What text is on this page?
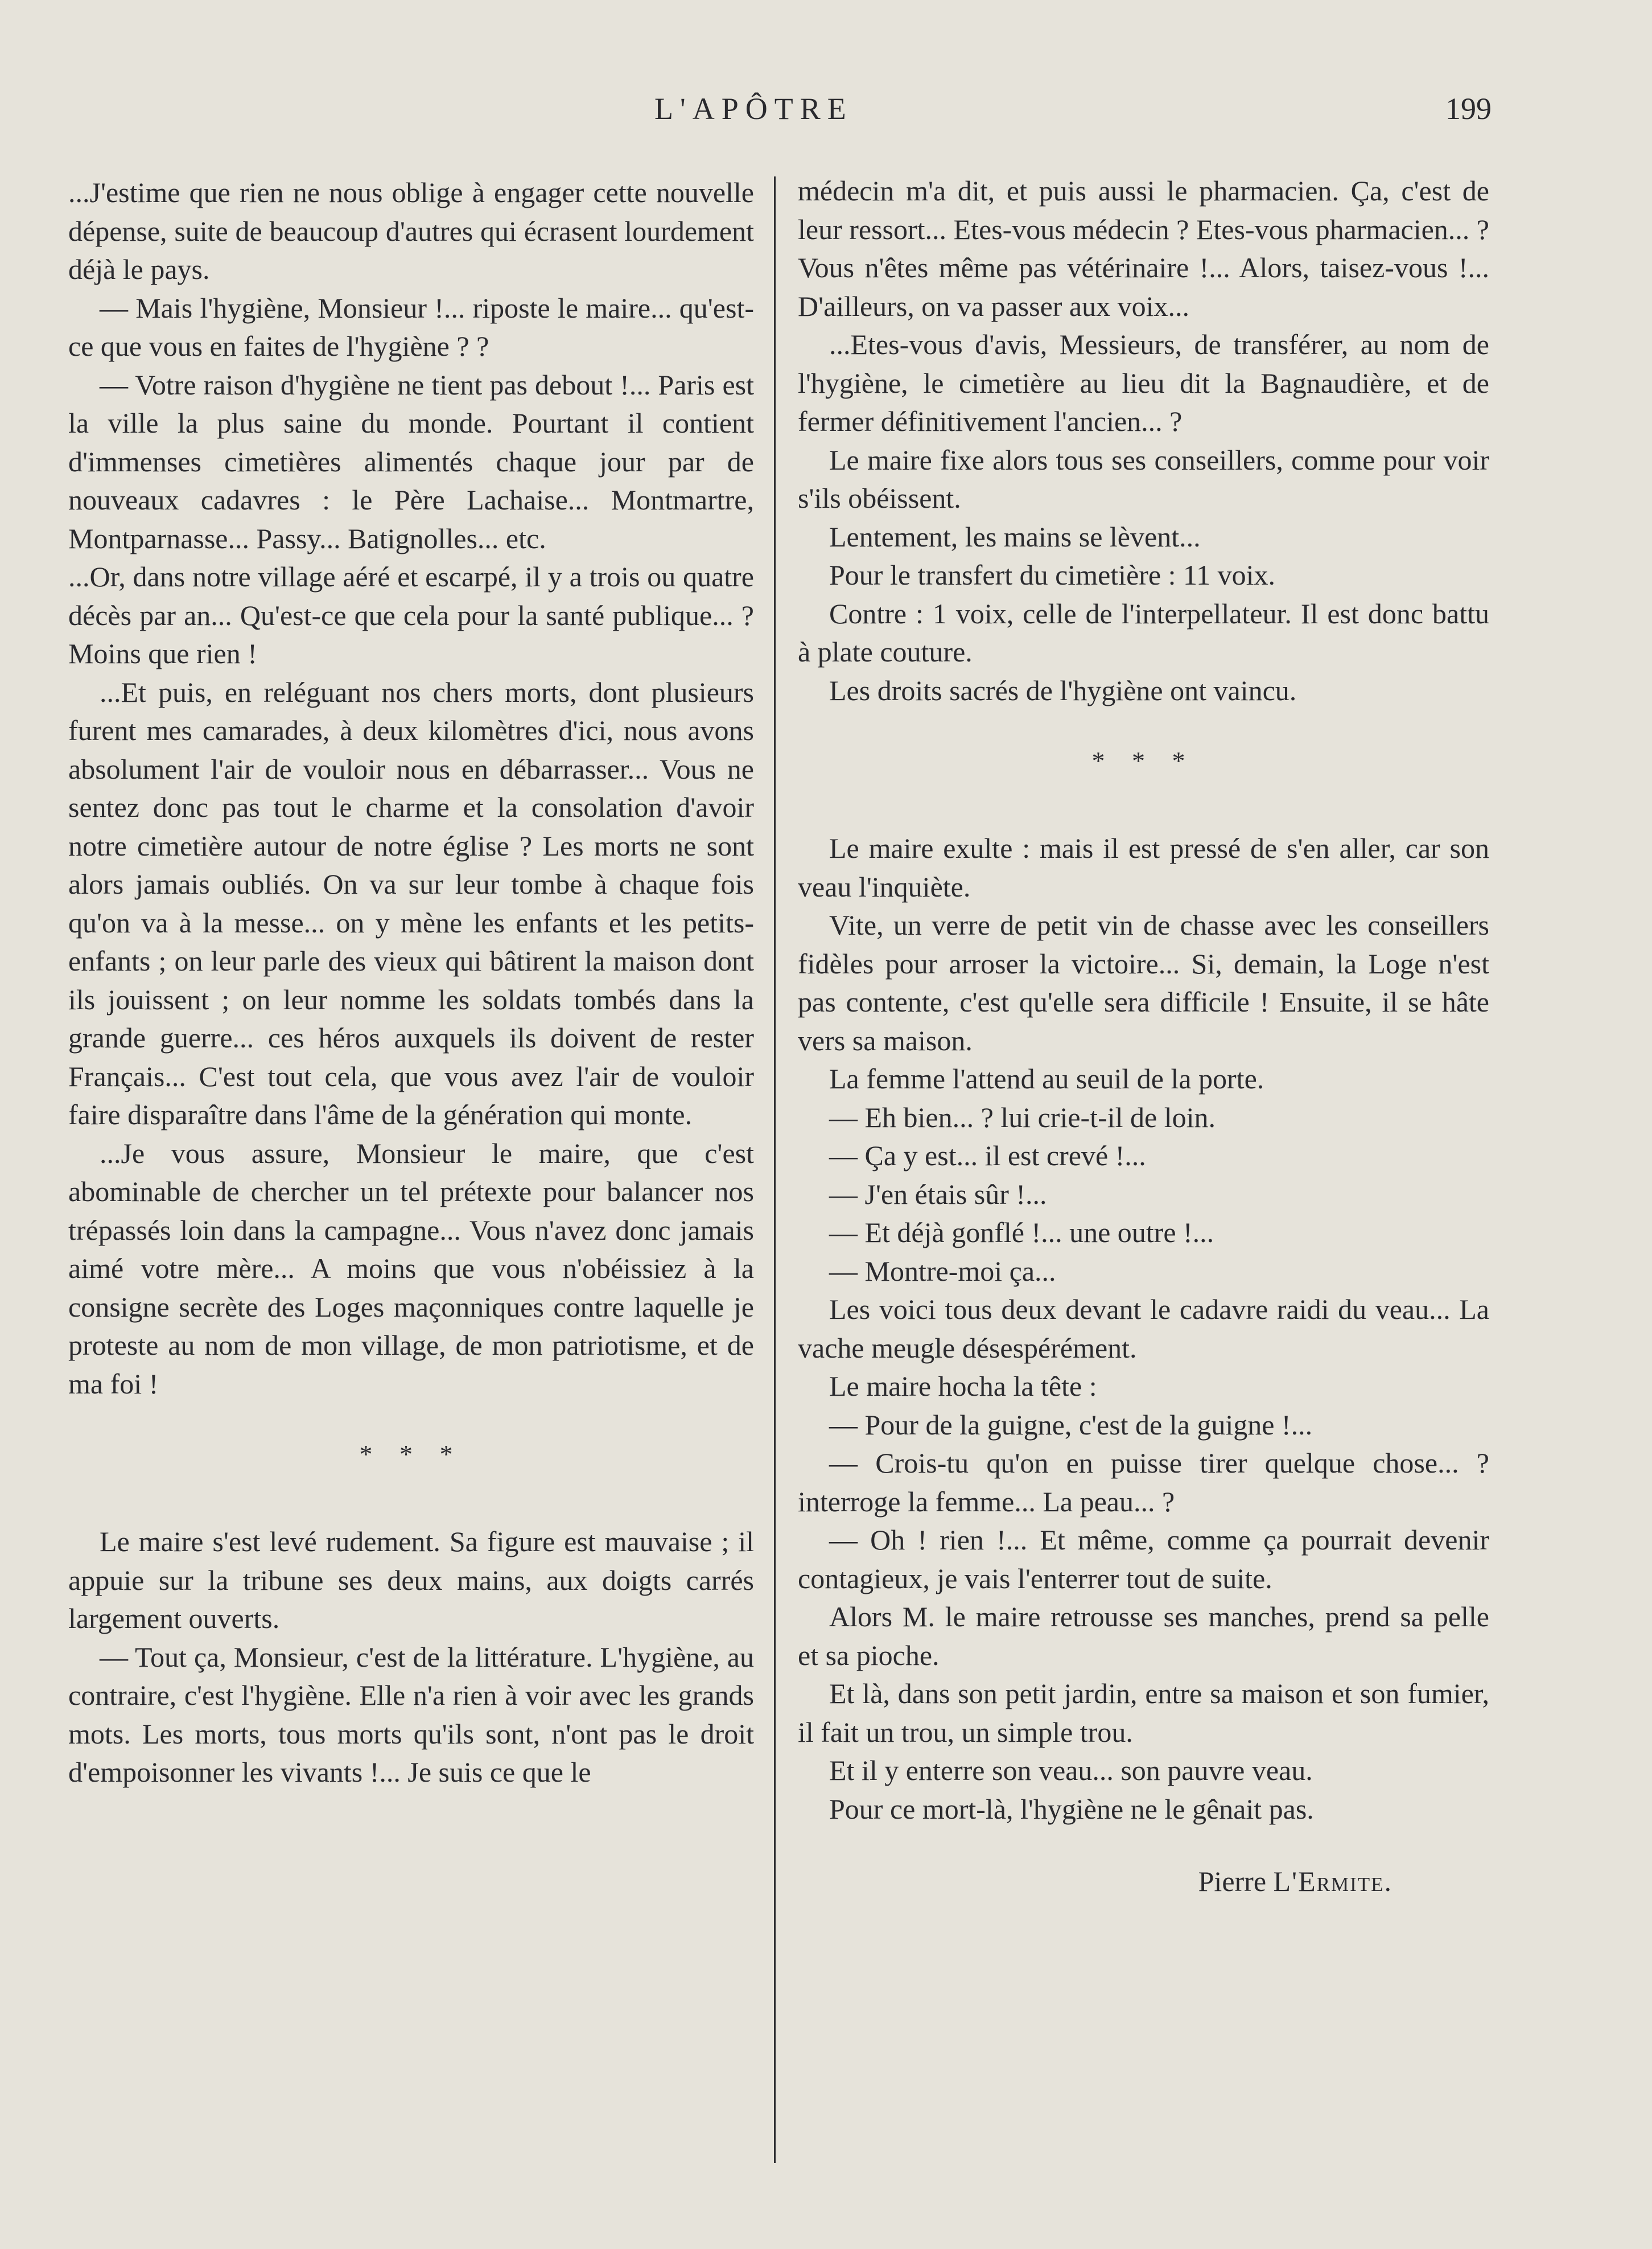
L'APÔTRE	199

...J'estime que rien ne nous oblige à engager cette nouvelle dépense, suite de beaucoup d'autres qui écrasent lourdement déjà le pays.

— Mais l'hygiène, Monsieur !... riposte le maire... qu'est-ce que vous en faites de l'hygiène ? ?

— Votre raison d'hygiène ne tient pas debout !... Paris est la ville la plus saine du monde. Pourtant il contient d'immenses cimetières alimentés chaque jour par de nouveaux cadavres : le Père Lachaise... Montmartre, Montparnasse... Passy... Batignolles... etc.

...Or, dans notre village aéré et escarpé, il y a trois ou quatre décès par an... Qu'est-ce que cela pour la santé publique... ? Moins que rien !

...Et puis, en reléguant nos chers morts, dont plusieurs furent mes camarades, à deux kilomètres d'ici, nous avons absolument l'air de vouloir nous en débarrasser... Vous ne sentez donc pas tout le charme et la consolation d'avoir notre cimetière autour de notre église ? Les morts ne sont alors jamais oubliés. On va sur leur tombe à chaque fois qu'on va à la messe... on y mène les enfants et les petits-enfants ; on leur parle des vieux qui bâtirent la maison dont ils jouissent ; on leur nomme les soldats tombés dans la grande guerre... ces héros auxquels ils doivent de rester Français... C'est tout cela, que vous avez l'air de vouloir faire disparaître dans l'âme de la génération qui monte.

...Je vous assure, Monsieur le maire, que c'est abominable de chercher un tel prétexte pour balancer nos trépassés loin dans la campagne... Vous n'avez donc jamais aimé votre mère... A moins que vous n'obéissiez à la consigne secrète des Loges maçonniques contre laquelle je proteste au nom de mon village, de mon patriotisme, et de ma foi !

* * *

Le maire s'est levé rudement. Sa figure est mauvaise ; il appuie sur la tribune ses deux mains, aux doigts carrés largement ouverts.

— Tout ça, Monsieur, c'est de la littérature. L'hygiène, au contraire, c'est l'hygiène. Elle n'a rien à voir avec les grands mots. Les morts, tous morts qu'ils sont, n'ont pas le droit d'empoisonner les vivants !... Je suis ce que le

médecin m'a dit, et puis aussi le pharmacien. Ça, c'est de leur ressort... Etes-vous médecin ? Etes-vous pharmacien... ? Vous n'êtes même pas vétérinaire !... Alors, taisez-vous !... D'ailleurs, on va passer aux voix...

...Etes-vous d'avis, Messieurs, de transférer, au nom de l'hygiène, le cimetière au lieu dit la Bagnaudière, et de fermer définitivement l'ancien... ?

Le maire fixe alors tous ses conseillers, comme pour voir s'ils obéissent.

Lentement, les mains se lèvent...

Pour le transfert du cimetière : 11 voix.

Contre : 1 voix, celle de l'interpellateur. Il est donc battu à plate couture.

Les droits sacrés de l'hygiène ont vaincu.

* * *

Le maire exulte : mais il est pressé de s'en aller, car son veau l'inquiète.

Vite, un verre de petit vin de chasse avec les conseillers fidèles pour arroser la victoire... Si, demain, la Loge n'est pas contente, c'est qu'elle sera difficile ! Ensuite, il se hâte vers sa maison.

La femme l'attend au seuil de la porte.

— Eh bien... ? lui crie-t-il de loin.

— Ça y est... il est crevé !...

— J'en étais sûr !...

— Et déjà gonflé !... une outre !...

— Montre-moi ça...

Les voici tous deux devant le cadavre raidi du veau... La vache meugle désespérément.

Le maire hocha la tête :

— Pour de la guigne, c'est de la guigne !...

— Crois-tu qu'on en puisse tirer quelque chose... ? interroge la femme... La peau... ?

— Oh ! rien !... Et même, comme ça pourrait devenir contagieux, je vais l'enterrer tout de suite.

Alors M. le maire retrousse ses manches, prend sa pelle et sa pioche.

Et là, dans son petit jardin, entre sa maison et son fumier, il fait un trou, un simple trou.

Et il y enterre son veau... son pauvre veau.

Pour ce mort-là, l'hygiène ne le gênait pas.

Pierre L'Ermite.
